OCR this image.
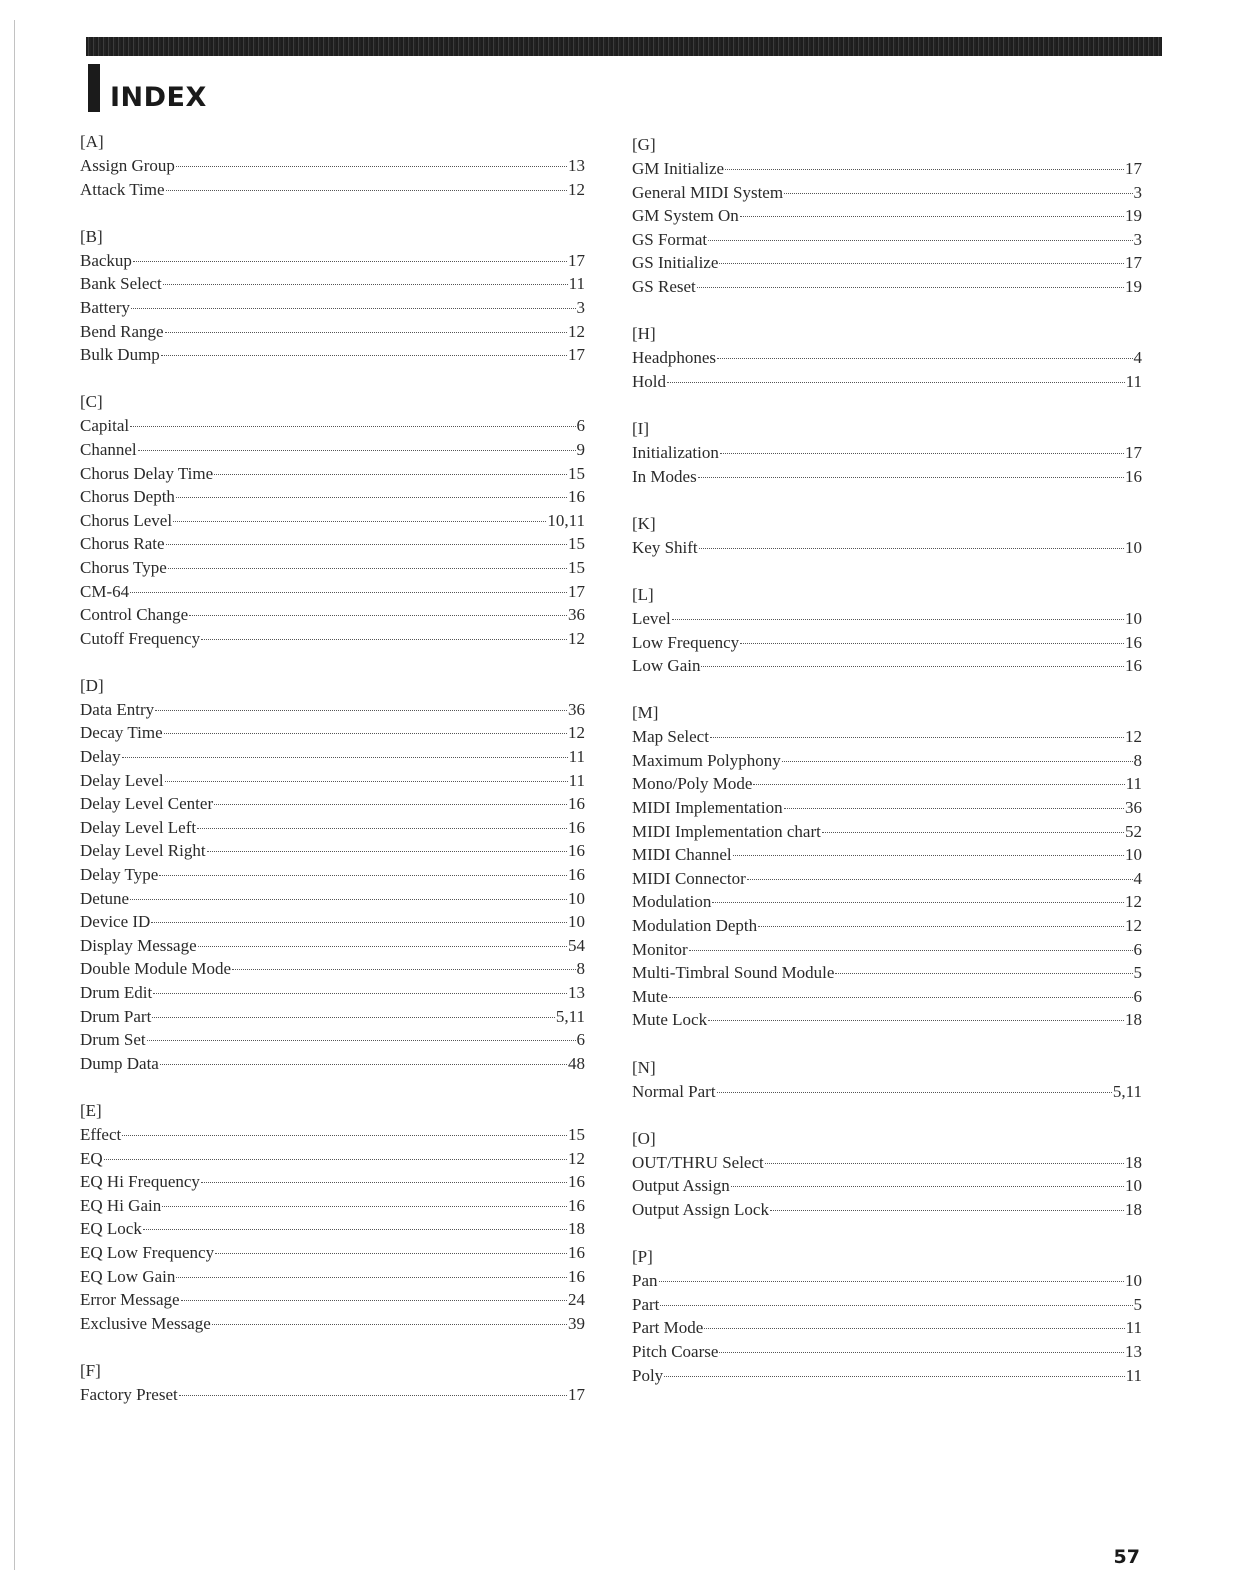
INDEX
[A]
Assign Group	13
Attack Time	12
[B]
Backup	17
Bank Select	11
Battery	3
Bend Range	12
Bulk Dump	17
[C]
Capital	6
Channel	9
Chorus Delay Time	15
Chorus Depth	16
Chorus Level	10,11
Chorus Rate	15
Chorus Type	15
CM-64	17
Control Change	36
Cutoff Frequency	12
[D]
Data Entry	36
Decay Time	12
Delay	11
Delay Level	11
Delay Level Center	16
Delay Level Left	16
Delay Level Right	16
Delay Type	16
Detune	10
Device ID	10
Display Message	54
Double Module Mode	8
Drum Edit	13
Drum Part	5,11
Drum Set	6
Dump Data	48
[E]
Effect	15
EQ	12
EQ Hi Frequency	16
EQ Hi Gain	16
EQ Lock	18
EQ Low Frequency	16
EQ Low Gain	16
Error Message	24
Exclusive Message	39
[F]
Factory Preset	17
[G]
GM Initialize	17
General MIDI System	3
GM System On	19
GS Format	3
GS Initialize	17
GS Reset	19
[H]
Headphones	4
Hold	11
[I]
Initialization	17
In Modes	16
[K]
Key Shift	10
[L]
Level	10
Low Frequency	16
Low Gain	16
[M]
Map Select	12
Maximum Polyphony	8
Mono/Poly Mode	11
MIDI Implementation	36
MIDI Implementation chart	52
MIDI Channel	10
MIDI Connector	4
Modulation	12
Modulation Depth	12
Monitor	6
Multi-Timbral Sound Module	5
Mute	6
Mute Lock	18
[N]
Normal Part	5,11
[O]
OUT/THRU Select	18
Output Assign	10
Output Assign Lock	18
[P]
Pan	10
Part	5
Part Mode	11
Pitch Coarse	13
Poly	11
57
